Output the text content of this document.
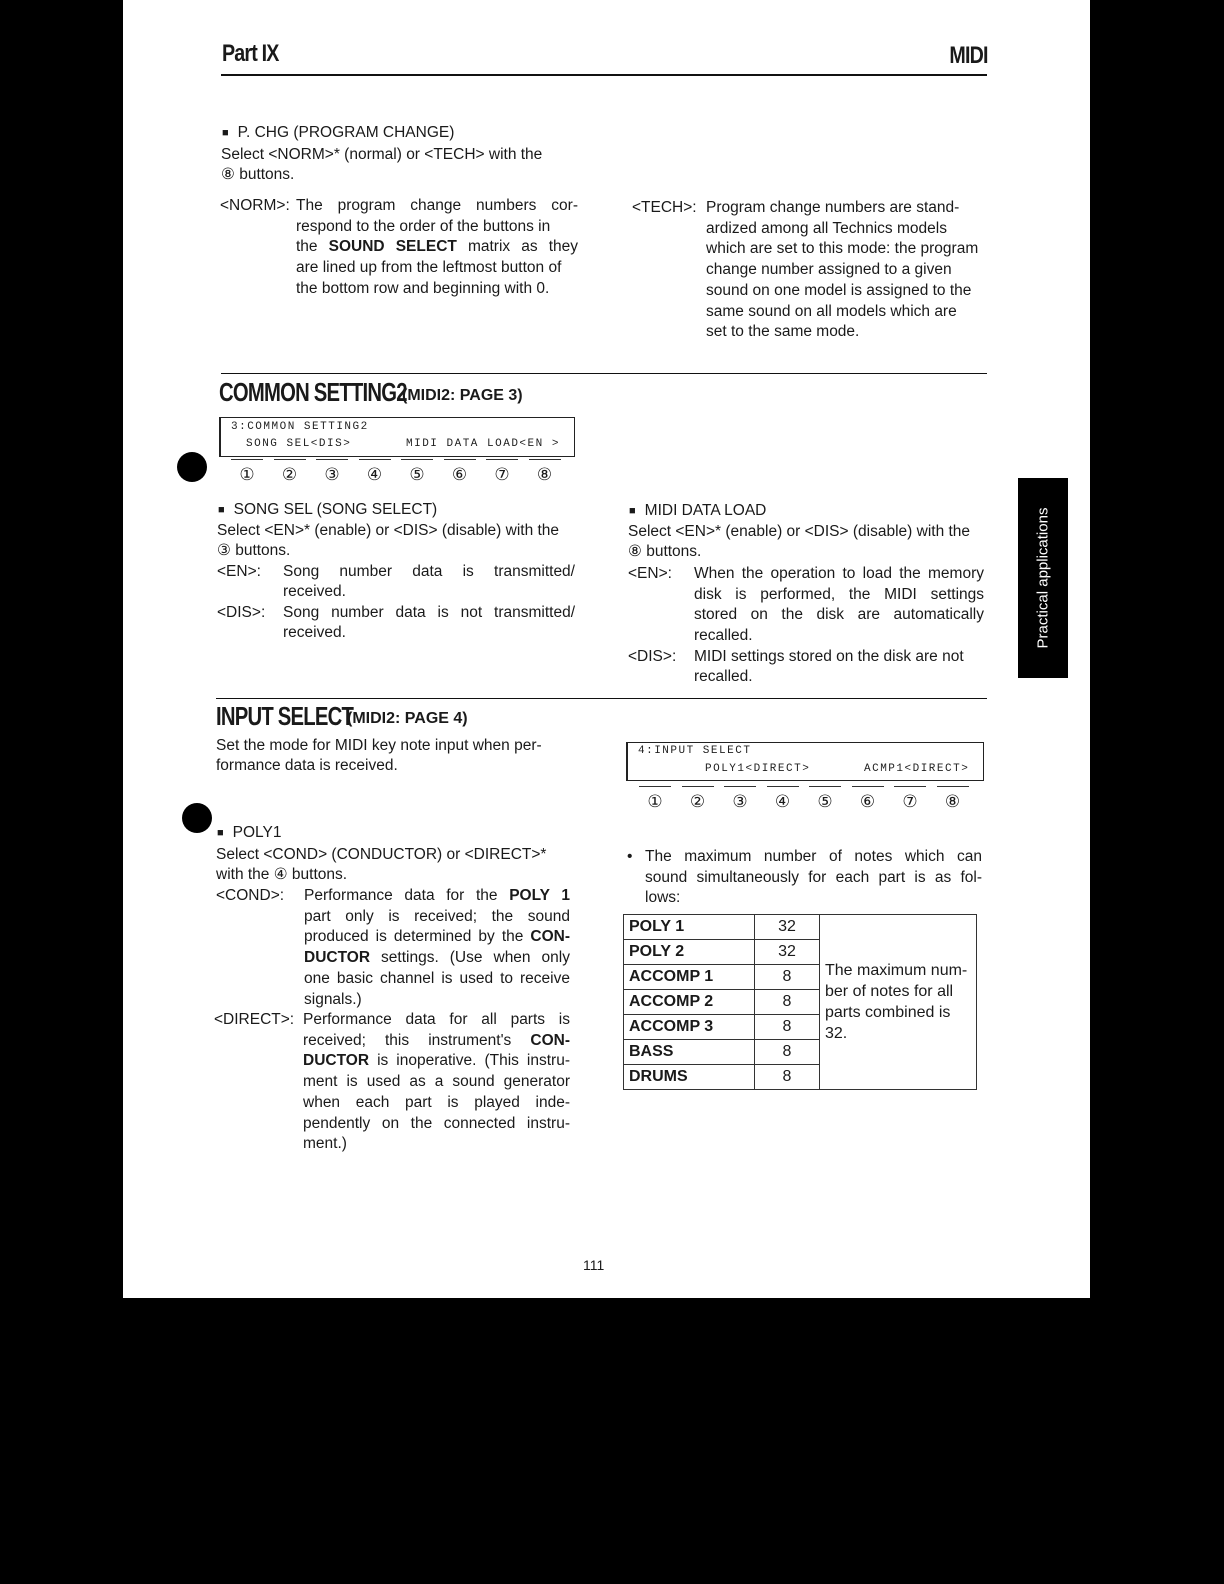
Practical applications
Part IX	MIDI
■ P. CHG (PROGRAM CHANGE)
Select <NORM>* (normal) or <TECH> with the
⑧ buttons.
<NORM>: The program change numbers cor-
respond to the order of the buttons in
the SOUND SELECT matrix as they
are lined up from the leftmost button of
the bottom row and beginning with 0.
<TECH>: Program change numbers are stand-
ardized among all Technics models
which are set to this mode: the program
change number assigned to a given
sound on one model is assigned to the
same sound on all models which are
set to the same mode.
COMMON SETTING2
(MIDI2: PAGE 3)
3:COMMON SETTING2
SONG SEL<DIS>	MIDI DATA LOAD<EN >
① ② ③ ④ ⑤ ⑥ ⑦ ⑧
■ SONG SEL (SONG SELECT)
Select <EN>* (enable) or <DIS> (disable) with the
③ buttons.
<EN>: Song number data is transmitted/
received.
<DIS>: Song number data is not transmitted/
received.
■ MIDI DATA LOAD
Select <EN>* (enable) or <DIS> (disable) with the
⑧ buttons.
<EN>: When the operation to load the memory
disk is performed, the MIDI settings
stored on the disk are automatically
recalled.
<DIS>: MIDI settings stored on the disk are not
recalled.
INPUT SELECT
(MIDI2: PAGE 4)
Set the mode for MIDI key note input when per-
formance data is received.
4:INPUT SELECT
POLY1<DIRECT>	ACMP1<DIRECT>
① ② ③ ④ ⑤ ⑥ ⑦ ⑧
■ POLY1
Select <COND> (CONDUCTOR) or <DIRECT>*
with the ④ buttons.
<COND>: Performance data for the POLY 1
part only is received; the sound
produced is determined by the CON-
DUCTOR settings. (Use when only
one basic channel is used to receive
signals.)
<DIRECT>: Performance data for all parts is
received; this instrument's CON-
DUCTOR is inoperative. (This instru-
ment is used as a sound generator
when each part is played inde-
pendently on the connected instru-
ment.)
• The maximum number of notes which can
sound simultaneously for each part is as fol-
lows:
POLY 1	32	The maximum num- ber of notes for all parts combined is 32.
POLY 2	32	
ACCOMP 1	8	
ACCOMP 2	8	
ACCOMP 3	8	
BASS	8	
DRUMS	8	
111
